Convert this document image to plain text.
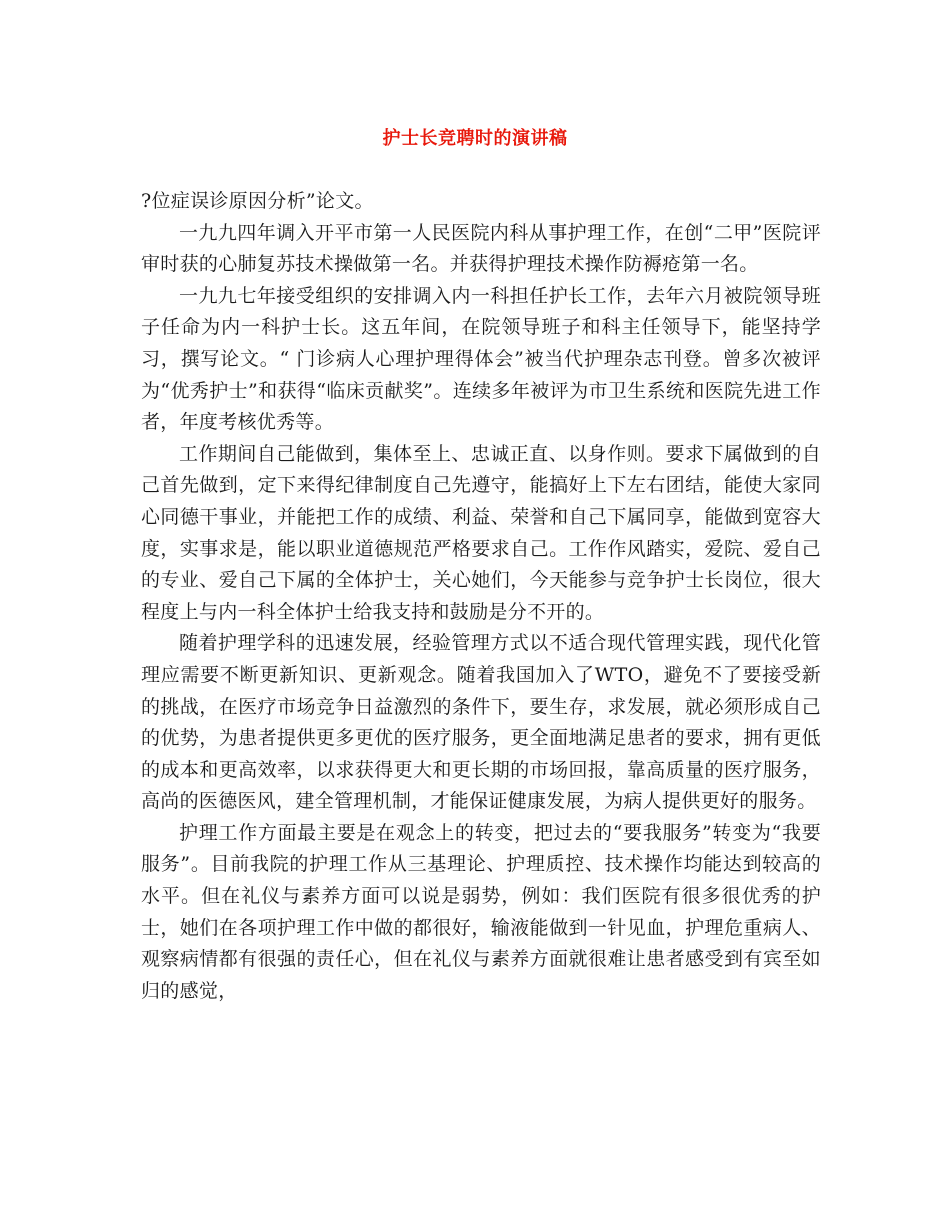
护士长竞聘时的演讲稿

?位症误诊原因分析”论文。

一九九四年调入开平市第一人民医院内科从事护理工作，在创“二甲”医院评审时获的心肺复苏技术操做第一名。并获得护理技术操作防褥疮第一名。

一九九七年接受组织的安排调入内一科担任护长工作，去年六月被院领导班子任命为内一科护士长。这五年间，在院领导班子和科主任领导下，能坚持学习，撰写论文。“ 门诊病人心理护理得体会”被当代护理杂志刊登。曾多次被评为“优秀护士”和获得“临床贡献奖”。连续多年被评为市卫生系统和医院先进工作者，年度考核优秀等。

工作期间自己能做到，集体至上、忠诚正直、以身作则。要求下属做到的自己首先做到，定下来得纪律制度自己先遵守，能搞好上下左右团结，能使大家同心同德干事业，并能把工作的成绩、利益、荣誉和自己下属同享，能做到宽容大度，实事求是，能以职业道德规范严格要求自己。工作作风踏实，爱院、爱自己的专业、爱自己下属的全体护士，关心她们，今天能参与竞争护士长岗位，很大程度上与内一科全体护士给我支持和鼓励是分不开的。

随着护理学科的迅速发展，经验管理方式以不适合现代管理实践，现代化管理应需要不断更新知识、更新观念。随着我国加入了WTO，避免不了要接受新的挑战，在医疗市场竞争日益激烈的条件下，要生存，求发展，就必须形成自己的优势，为患者提供更多更优的医疗服务，更全面地满足患者的要求，拥有更低的成本和更高效率，以求获得更大和更长期的市场回报，靠高质量的医疗服务，高尚的医德医风，建全管理机制，才能保证健康发展，为病人提供更好的服务。

护理工作方面最主要是在观念上的转变，把过去的“要我服务”转变为“我要服务”。目前我院的护理工作从三基理论、护理质控、技术操作均能达到较高的水平。但在礼仪与素养方面可以说是弱势，例如：我们医院有很多很优秀的护士，她们在各项护理工作中做的都很好，输液能做到一针见血，护理危重病人、观察病情都有很强的责任心，但在礼仪与素养方面就很难让患者感受到有宾至如归的感觉，
